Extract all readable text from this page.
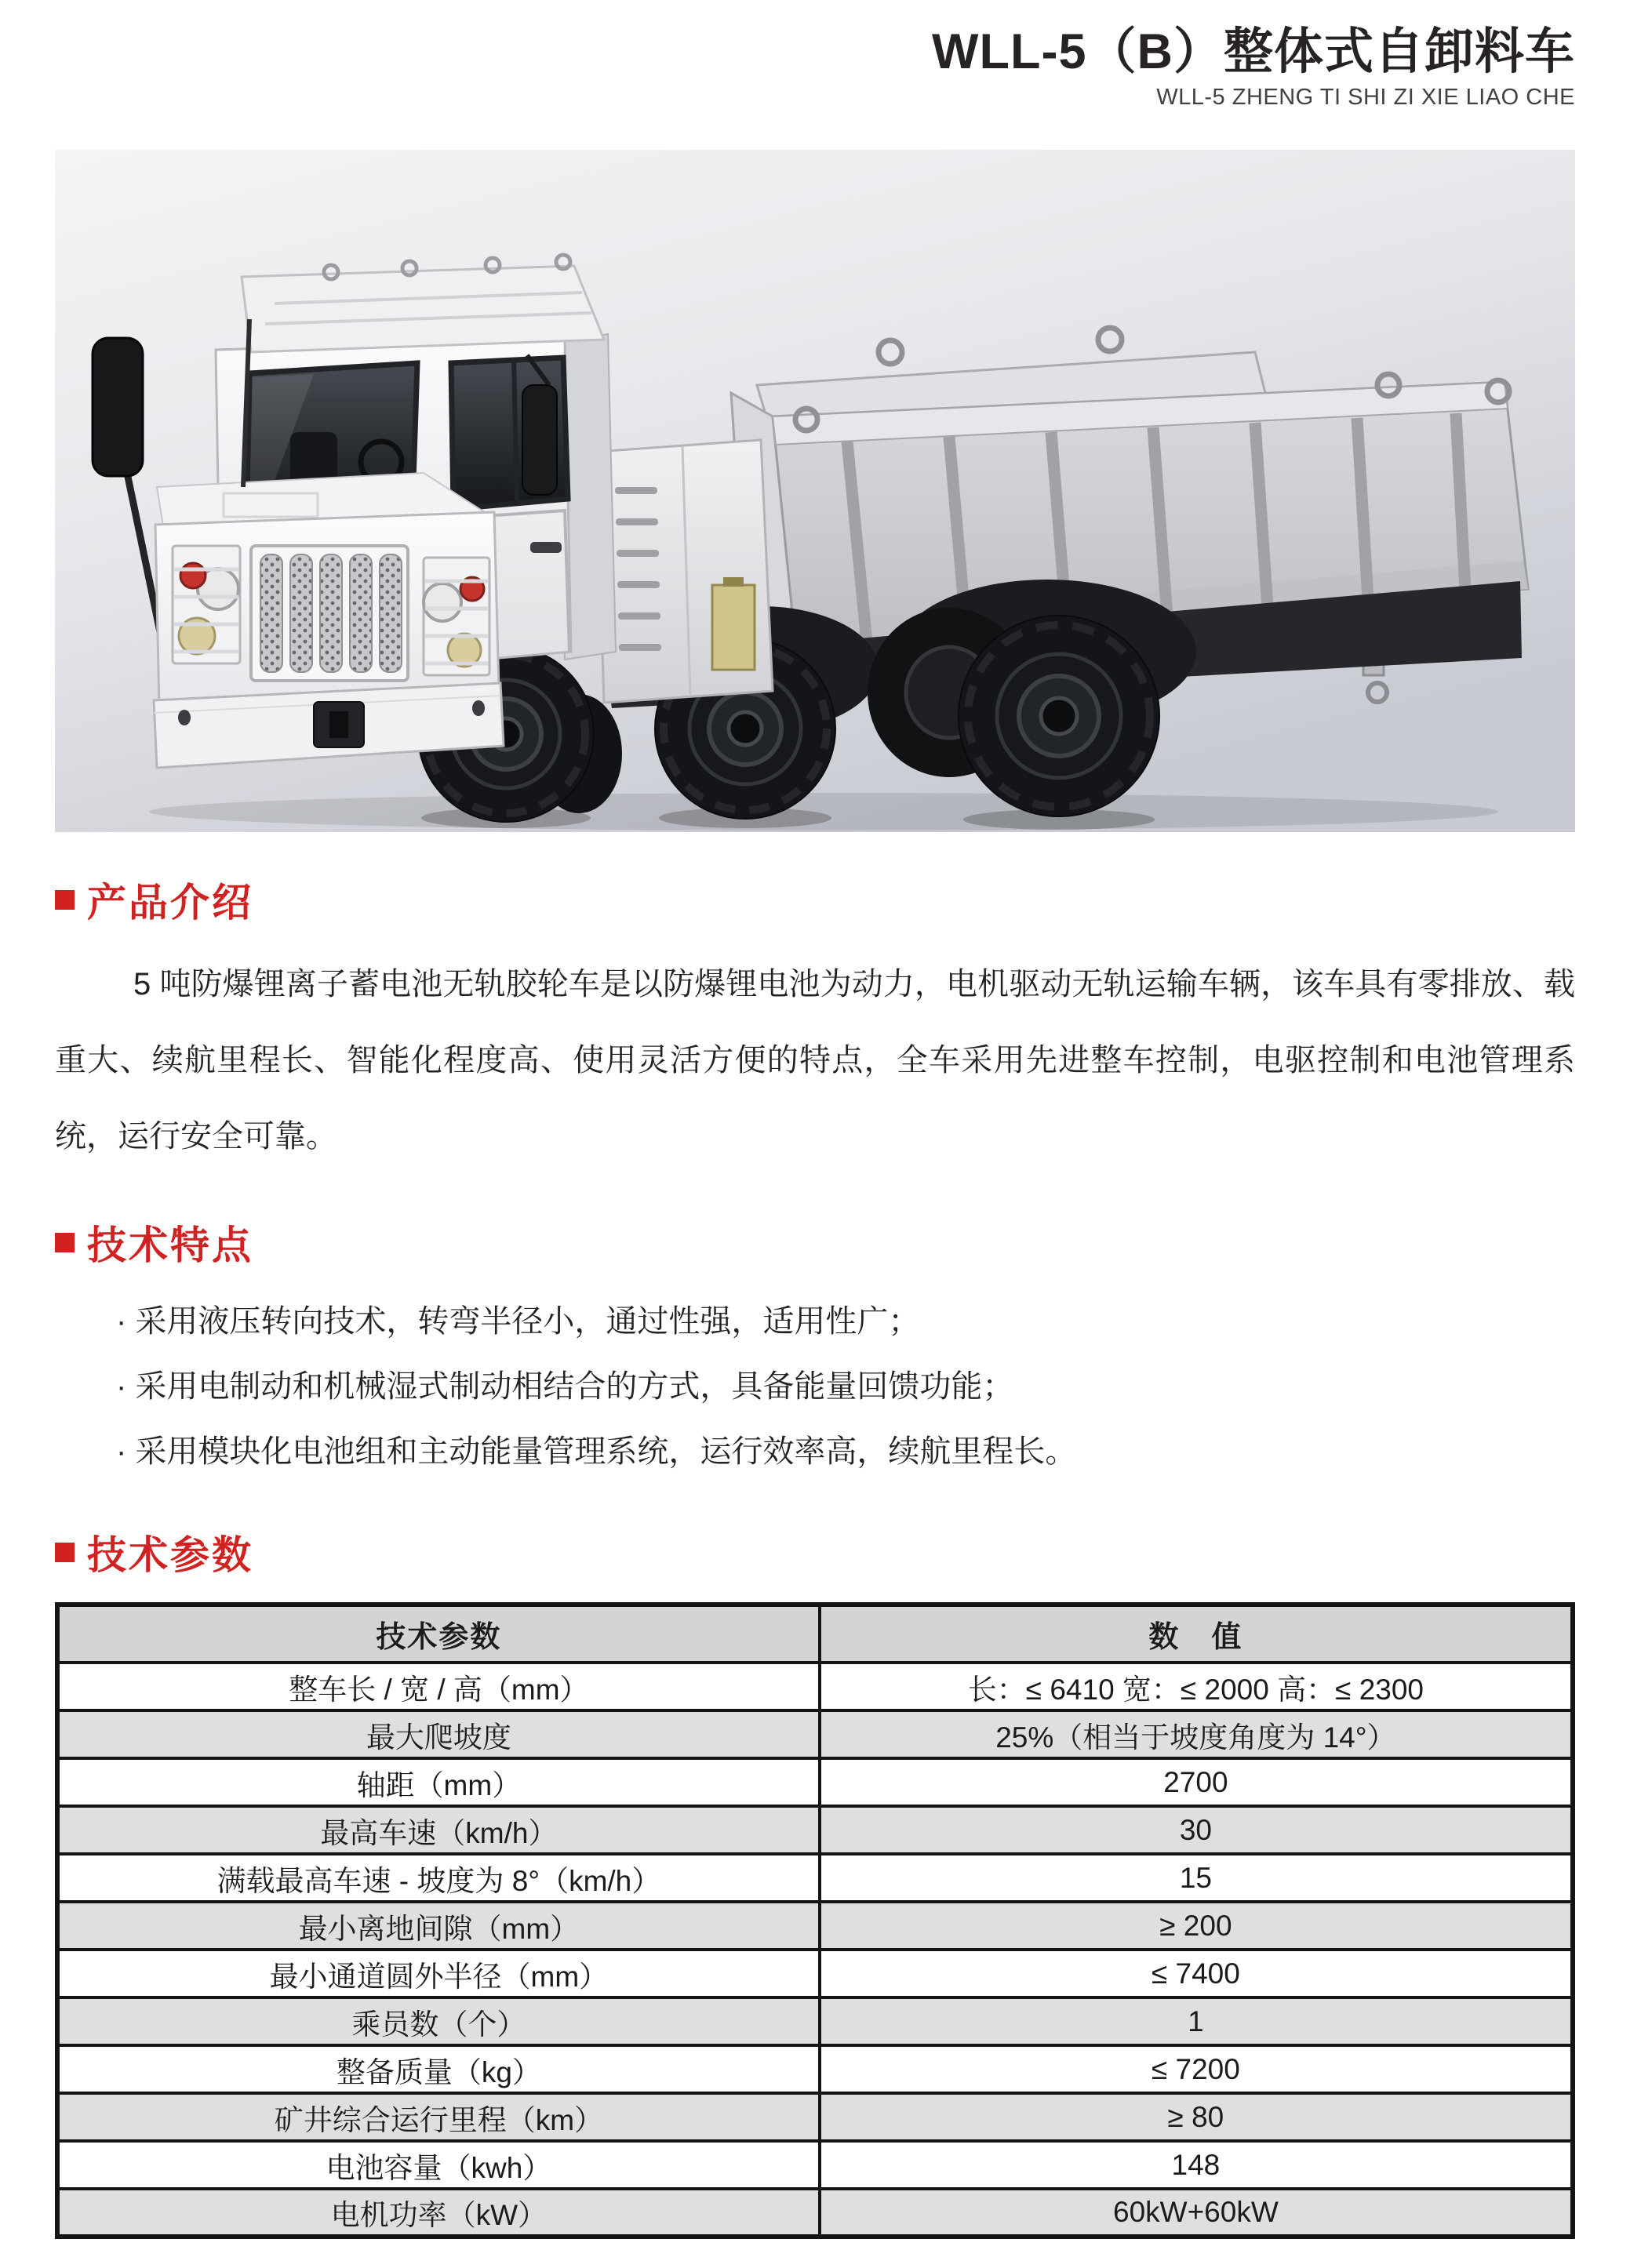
WLL-5（B）整体式自卸料车
WLL-5 ZHENG TI SHI ZI XIE LIAO CHE
产品介绍

5 吨防爆锂离子蓄电池无轨胶轮车是以防爆锂电池为动力，电机驱动无轨运输车辆，该车具有零排放、载重大、续航里程长、智能化程度高、使用灵活方便的特点，全车采用先进整车控制，电驱控制和电池管理系统，运行安全可靠。

技术特点
· 采用液压转向技术，转弯半径小，通过性强，适用性广；
· 采用电制动和机械湿式制动相结合的方式，具备能量回馈功能；
· 采用模块化电池组和主动能量管理系统，运行效率高，续航里程长。
技术参数
技术参数	数　值
整车长 / 宽 / 高（mm）	长：≤ 6410 宽：≤ 2000 高：≤ 2300
最大爬坡度	25%（相当于坡度角度为 14°）
轴距（mm）	2700
最高车速（km/h）	30
满载最高车速 - 坡度为 8°（km/h）	15
最小离地间隙（mm）	≥ 200
最小通道圆外半径（mm）	≤ 7400
乘员数（个）	1
整备质量（kg）	≤ 7200
矿井综合运行里程（km）	≥ 80
电池容量（kwh）	148
电机功率（kW）	60kW+60kW
